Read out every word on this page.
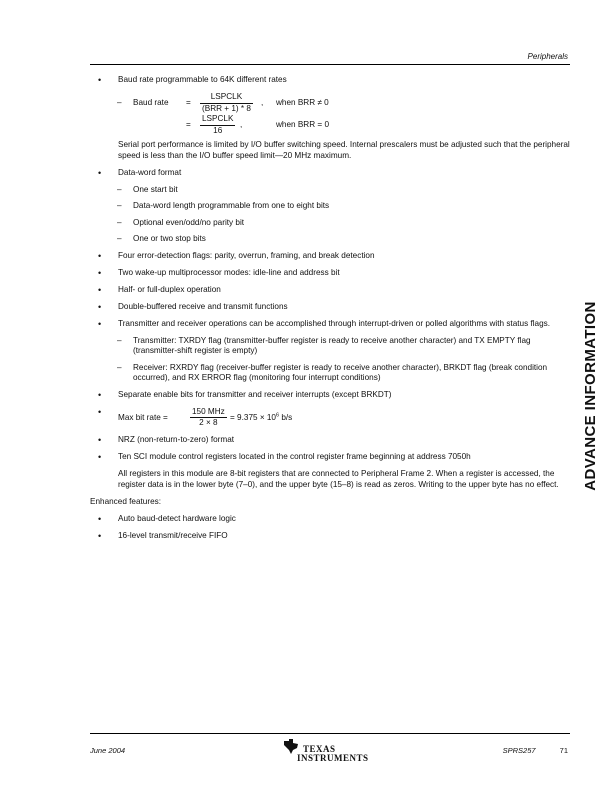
Peripherals
• Baud rate programmable to 64K different rates
– Baud rate =
LSPCLK
(BRR + 1) * 8
, when BRR ≠ 0
=
LSPCLK
16
,	when BRR = 0
Serial port performance is limited by I/O buffer switching speed. Internal prescalers must be adjusted such that the peripheral speed is less than the I/O buffer speed limit—20 MHz maximum.
• Data-word format
– One start bit
– Data-word length programmable from one to eight bits
– Optional even/odd/no parity bit
– One or two stop bits
• Four error-detection flags: parity, overrun, framing, and break detection
• Two wake-up multiprocessor modes: idle-line and address bit
• Half- or full-duplex operation
• Double-buffered receive and transmit functions
• Transmitter and receiver operations can be accomplished through interrupt-driven or polled algorithms with status flags.
– Transmitter: TXRDY flag (transmitter-buffer register is ready to receive another character) and TX EMPTY flag (transmitter-shift register is empty)
– Receiver: RXRDY flag (receiver-buffer register is ready to receive another character), BRKDT flag (break condition occurred), and RX ERROR flag (monitoring four interrupt conditions)
• Separate enable bits for transmitter and receiver interrupts (except BRKDT)
• Max bit rate =
150 MHz
2 × 8
= $9.375 \times 10^6$ b/s
• NRZ (non-return-to-zero) format
• Ten SCI module control registers located in the control register frame beginning at address 7050h
All registers in this module are 8-bit registers that are connected to Peripheral Frame 2. When a register is accessed, the register data is in the lower byte (7–0), and the upper byte (15–8) is read as zeros. Writing to the upper byte has no effect.
Enhanced features:
• Auto baud-detect hardware logic
• 16-level transmit/receive FIFO
ADVANCE INFORMATION
June 2004	TEXAS
INSTRUMENTS
SPRS257	71
